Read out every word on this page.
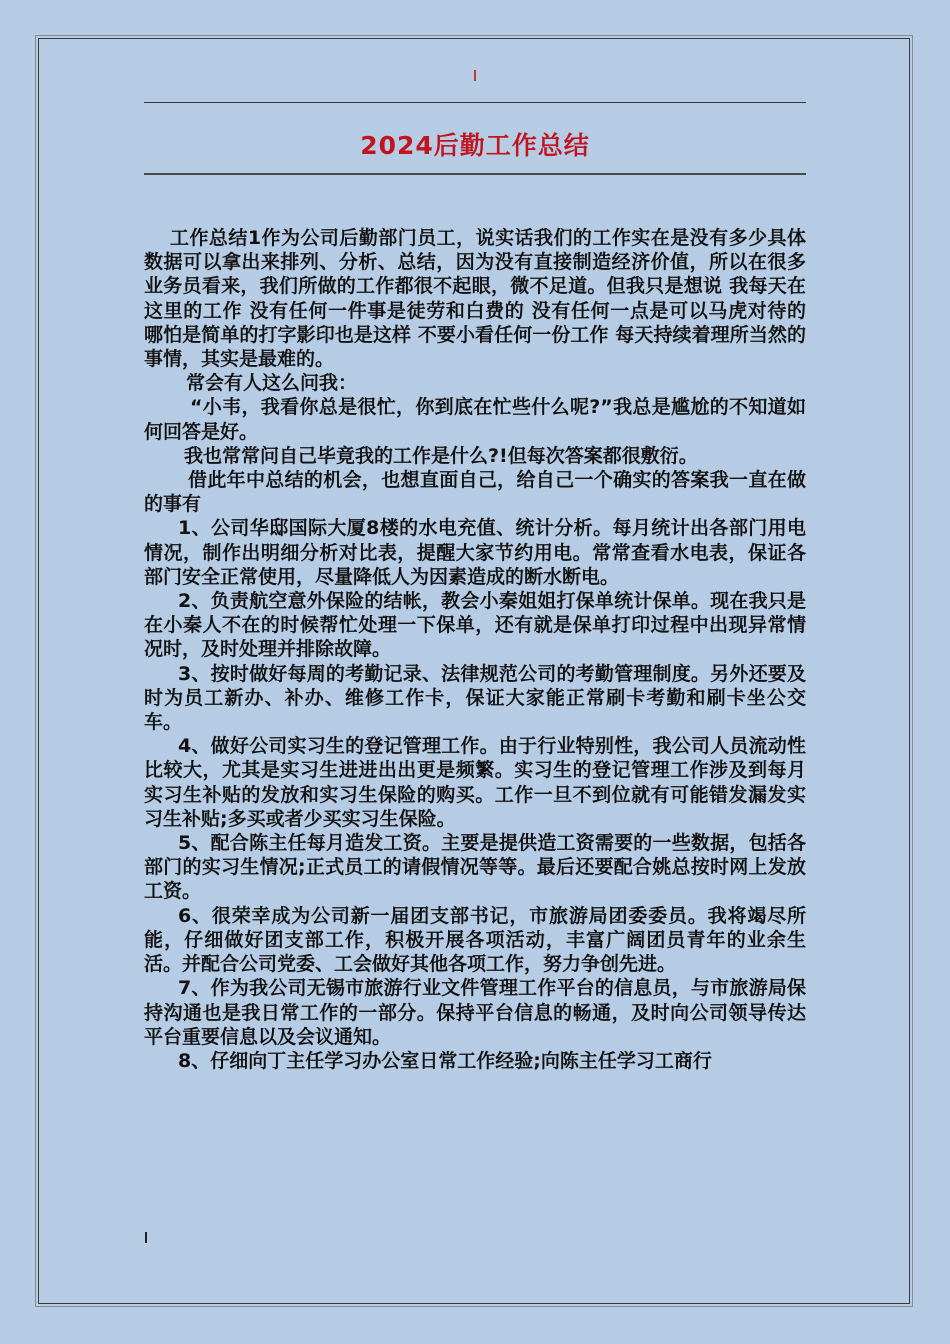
2024后勤工作总结

工作总结1作为公司后勤部门员工，说实话我们的工作实在是没有多少具体数据可以拿出来排列、分析、总结，因为没有直接制造经济价值，所以在很多业务员看来，我们所做的工作都很不起眼，微不足道。但我只是想说 我每天在这里的工作 没有任何一件事是徒劳和白费的 没有任何一点是可以马虎对待的 哪怕是简单的打字影印也是这样 不要小看任何一份工作 每天持续着理所当然的事情，其实是最难的。

常会有人这么问我：

“小韦，我看你总是很忙，你到底在忙些什么呢?”我总是尴尬的不知道如何回答是好。

我也常常问自己毕竟我的工作是什么?!但每次答案都很敷衍。

借此年中总结的机会，也想直面自己，给自己一个确实的答案我一直在做的事有

1、公司华邸国际大厦8楼的水电充值、统计分析。每月统计出各部门用电情况，制作出明细分析对比表，提醒大家节约用电。常常查看水电表，保证各部门安全正常使用，尽量降低人为因素造成的断水断电。

2、负责航空意外保险的结帐，教会小秦姐姐打保单统计保单。现在我只是在小秦人不在的时候帮忙处理一下保单，还有就是保单打印过程中出现异常情况时，及时处理并排除故障。

3、按时做好每周的考勤记录、法律规范公司的考勤管理制度。另外还要及时为员工新办、补办、维修工作卡，保证大家能正常刷卡考勤和刷卡坐公交车。

4、做好公司实习生的登记管理工作。由于行业特别性，我公司人员流动性比较大，尤其是实习生进进出出更是频繁。实习生的登记管理工作涉及到每月实习生补贴的发放和实习生保险的购买。工作一旦不到位就有可能错发漏发实习生补贴;多买或者少买实习生保险。

5、配合陈主任每月造发工资。主要是提供造工资需要的一些数据，包括各部门的实习生情况;正式员工的请假情况等等。最后还要配合姚总按时网上发放工资。

6、很荣幸成为公司新一届团支部书记，市旅游局团委委员。我将竭尽所能，仔细做好团支部工作，积极开展各项活动，丰富广阔团员青年的业余生活。并配合公司党委、工会做好其他各项工作，努力争创先进。

7、作为我公司无锡市旅游行业文件管理工作平台的信息员，与市旅游局保持沟通也是我日常工作的一部分。保持平台信息的畅通，及时向公司领导传达平台重要信息以及会议通知。

8、仔细向丁主任学习办公室日常工作经验;向陈主任学习工商行
